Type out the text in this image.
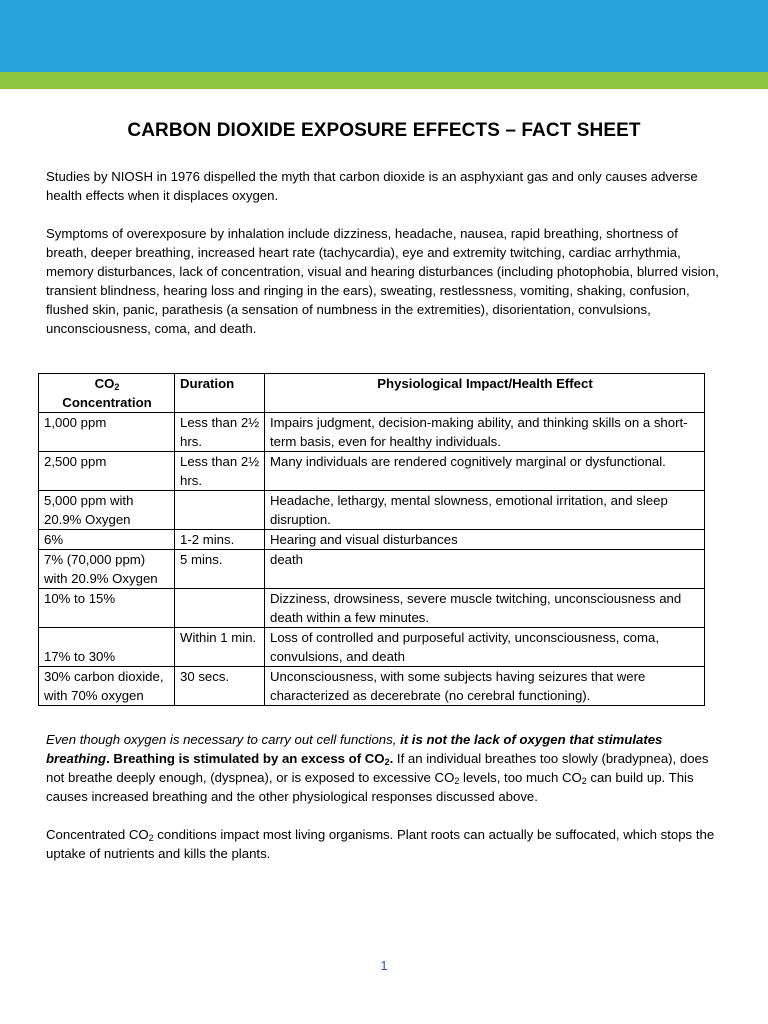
CARBON DIOXIDE EXPOSURE EFFECTS – FACT SHEET

Studies by NIOSH in 1976 dispelled the myth that carbon dioxide is an asphyxiant gas and only causes adverse health effects when it displaces oxygen.

Symptoms of overexposure by inhalation include dizziness, headache, nausea, rapid breathing, shortness of breath, deeper breathing, increased heart rate (tachycardia), eye and extremity twitching, cardiac arrhythmia, memory disturbances, lack of concentration, visual and hearing disturbances (including photophobia, blurred vision, transient blindness, hearing loss and ringing in the ears), sweating, restlessness, vomiting, shaking, confusion, flushed skin, panic, parathesis (a sensation of numbness in the extremities), disorientation, convulsions, unconsciousness, coma, and death.

$CO_2$
Concentration	Duration	Physiological Impact/Health Effect
1,000 ppm	Less than 2½ hrs.	Impairs judgment, decision-making ability, and thinking skills on a short-term basis, even for healthy individuals.
2,500 ppm	Less than 2½ hrs.	Many individuals are rendered cognitively marginal or dysfunctional.
5,000 ppm with 20.9% Oxygen		Headache, lethargy, mental slowness, emotional irritation, and sleep disruption.
6%	1-2 mins.	Hearing and visual disturbances
7% (70,000 ppm) with 20.9% Oxygen	5 mins.	death
10% to 15%		Dizziness, drowsiness, severe muscle twitching, unconsciousness and death within a few minutes.
17% to 30%	Within 1 min.	Loss of controlled and purposeful activity, unconsciousness, coma, convulsions, and death
30% carbon dioxide, with 70% oxygen	30 secs.	Unconsciousness, with some subjects having seizures that were characterized as decerebrate (no cerebral functioning).

Even though oxygen is necessary to carry out cell functions, it is not the lack of oxygen that stimulates breathing. Breathing is stimulated by an excess of $CO_2$. If an individual breathes too slowly (bradypnea), does not breathe deeply enough, (dyspnea), or is exposed to excessive $CO_2$ levels, too much $CO_2$ can build up. This causes increased breathing and the other physiological responses discussed above.

Concentrated $CO_2$ conditions impact most living organisms. Plant roots can actually be suffocated, which stops the uptake of nutrients and kills the plants.

1
